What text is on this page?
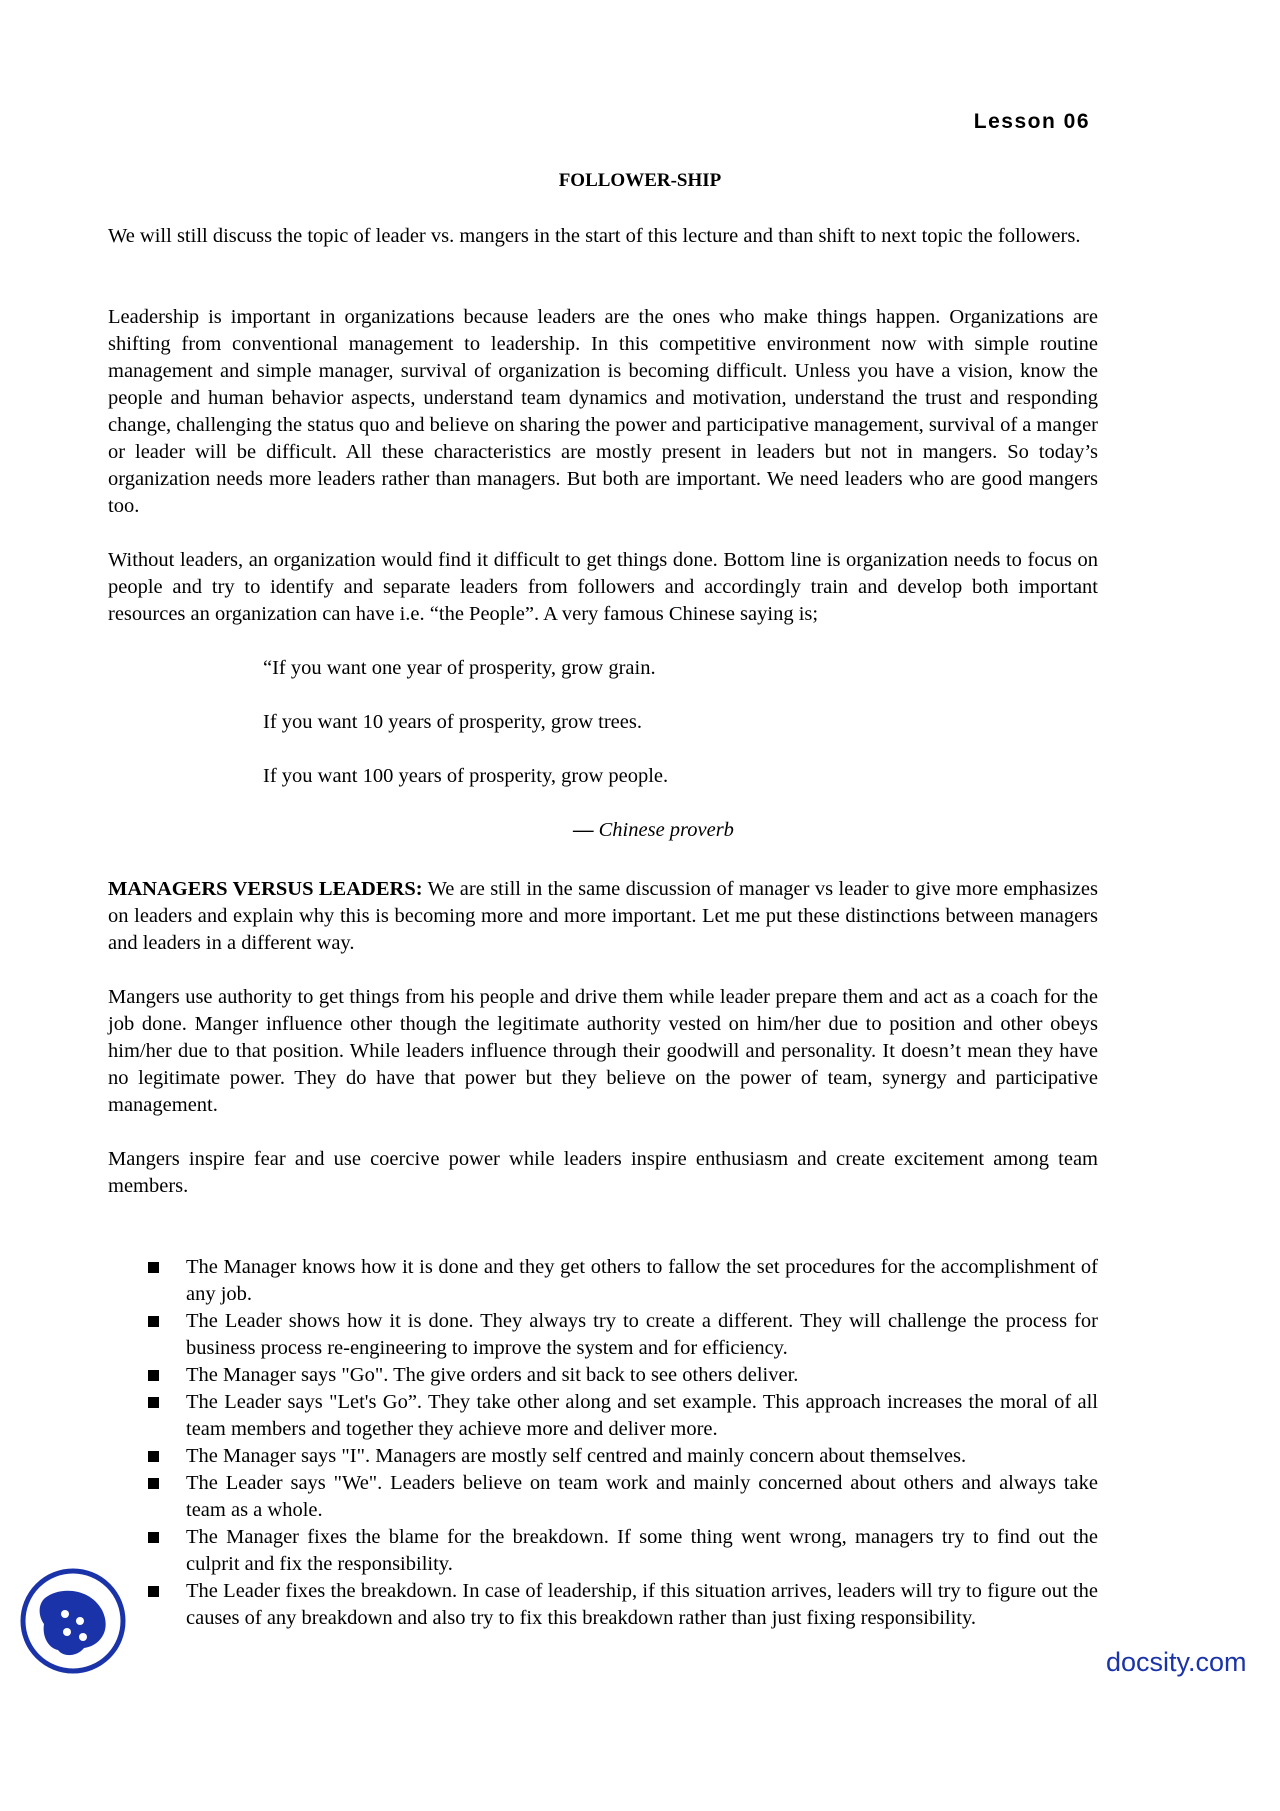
Lesson 06
FOLLOWER-SHIP
We will still discuss the topic of leader vs. mangers in the start of this lecture and than shift to next topic the followers.
Leadership is important in organizations because leaders are the ones who make things happen. Organizations are shifting from conventional management to leadership. In this competitive environment now with simple routine management and simple manager, survival of organization is becoming difficult. Unless you have a vision, know the people and human behavior aspects, understand team dynamics and motivation, understand the trust and responding change, challenging the status quo and believe on sharing the power and participative management, survival of a manger or leader will be difficult. All these characteristics are mostly present in leaders but not in mangers. So today’s organization needs more leaders rather than managers. But both are important. We need leaders who are good mangers too.
Without leaders, an organization would find it difficult to get things done. Bottom line is organization needs to focus on people and try to identify and separate leaders from followers and accordingly train and develop both important resources an organization can have i.e. “the People”. A very famous Chinese saying is;
“If you want one year of prosperity, grow grain.
If you want 10 years of prosperity, grow trees.
If you want 100 years of prosperity, grow people.
— Chinese proverb
MANAGERS VERSUS LEADERS: We are still in the same discussion of manager vs leader to give more emphasizes on leaders and explain why this is becoming more and more important. Let me put these distinctions between managers and leaders in a different way.
Mangers use authority to get things from his people and drive them while leader prepare them and act as a coach for the job done. Manger influence other though the legitimate authority vested on him/her due to position and other obeys him/her due to that position. While leaders influence through their goodwill and personality. It doesn’t mean they have no legitimate power. They do have that power but they believe on the power of team, synergy and participative management.
Mangers inspire fear and use coercive power while leaders inspire enthusiasm and create excitement among team members.
The Manager knows how it is done and they get others to fallow the set procedures for the accomplishment of any job.
The Leader shows how it is done. They always try to create a different. They will challenge the process for business process re-engineering to improve the system and for efficiency.
The Manager says "Go". The give orders and sit back to see others deliver.
The Leader says "Let's Go”. They take other along and set example. This approach increases the moral of all team members and together they achieve more and deliver more.
The Manager says "I". Managers are mostly self centred and mainly concern about themselves.
The Leader says "We". Leaders believe on team work and mainly concerned about others and always take team as a whole.
The Manager fixes the blame for the breakdown. If some thing went wrong, managers try to find out the culprit and fix the responsibility.
The Leader fixes the breakdown. In case of leadership, if this situation arrives, leaders will try to figure out the causes of any breakdown and also try to fix this breakdown rather than just fixing responsibility.
docsity.com
